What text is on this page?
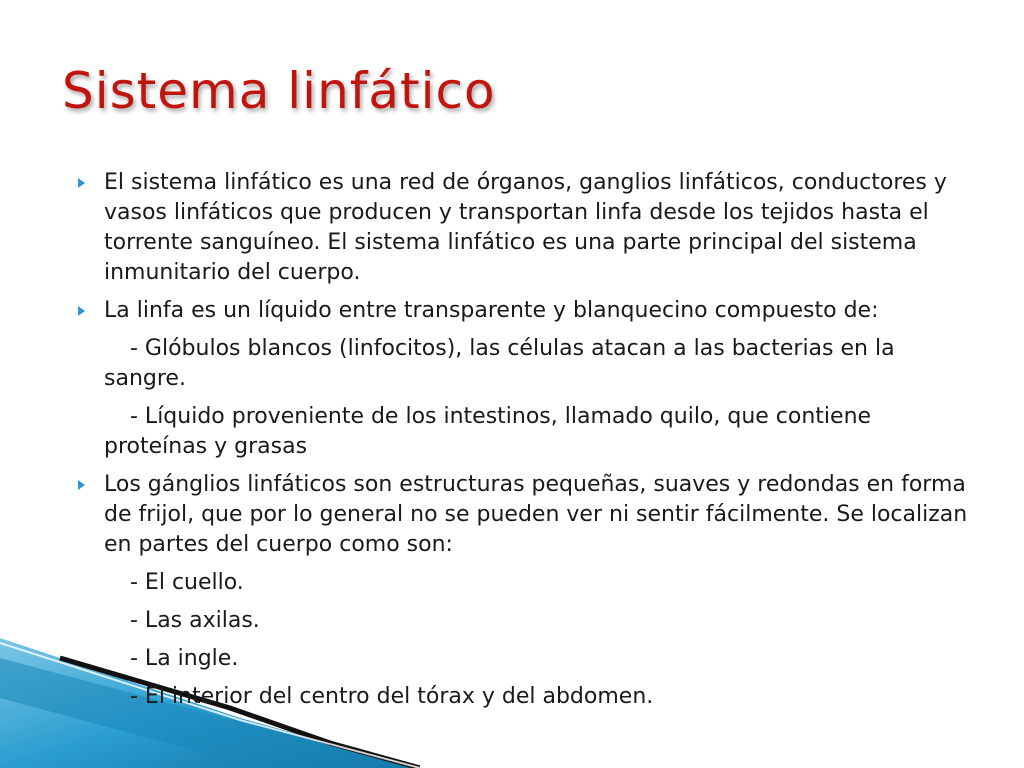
Sistema linfático
El sistema linfático es una red de órganos, ganglios linfáticos, conductores y vasos linfáticos que producen y transportan linfa desde los tejidos hasta el torrente sanguíneo. El sistema linfático es una parte principal del sistema inmunitario del cuerpo.
La linfa es un líquido entre transparente y blanquecino compuesto de:
- Glóbulos blancos (linfocitos), las células atacan a las bacterias en la sangre.
- Líquido proveniente de los intestinos, llamado quilo, que contiene proteínas y grasas
Los gánglios linfáticos son estructuras pequeñas, suaves y redondas en forma de frijol, que por lo general no se pueden ver ni sentir fácilmente. Se localizan en partes del cuerpo como son:
- El cuello.
- Las axilas.
- La ingle.
- El interior del centro del tórax y del abdomen.
